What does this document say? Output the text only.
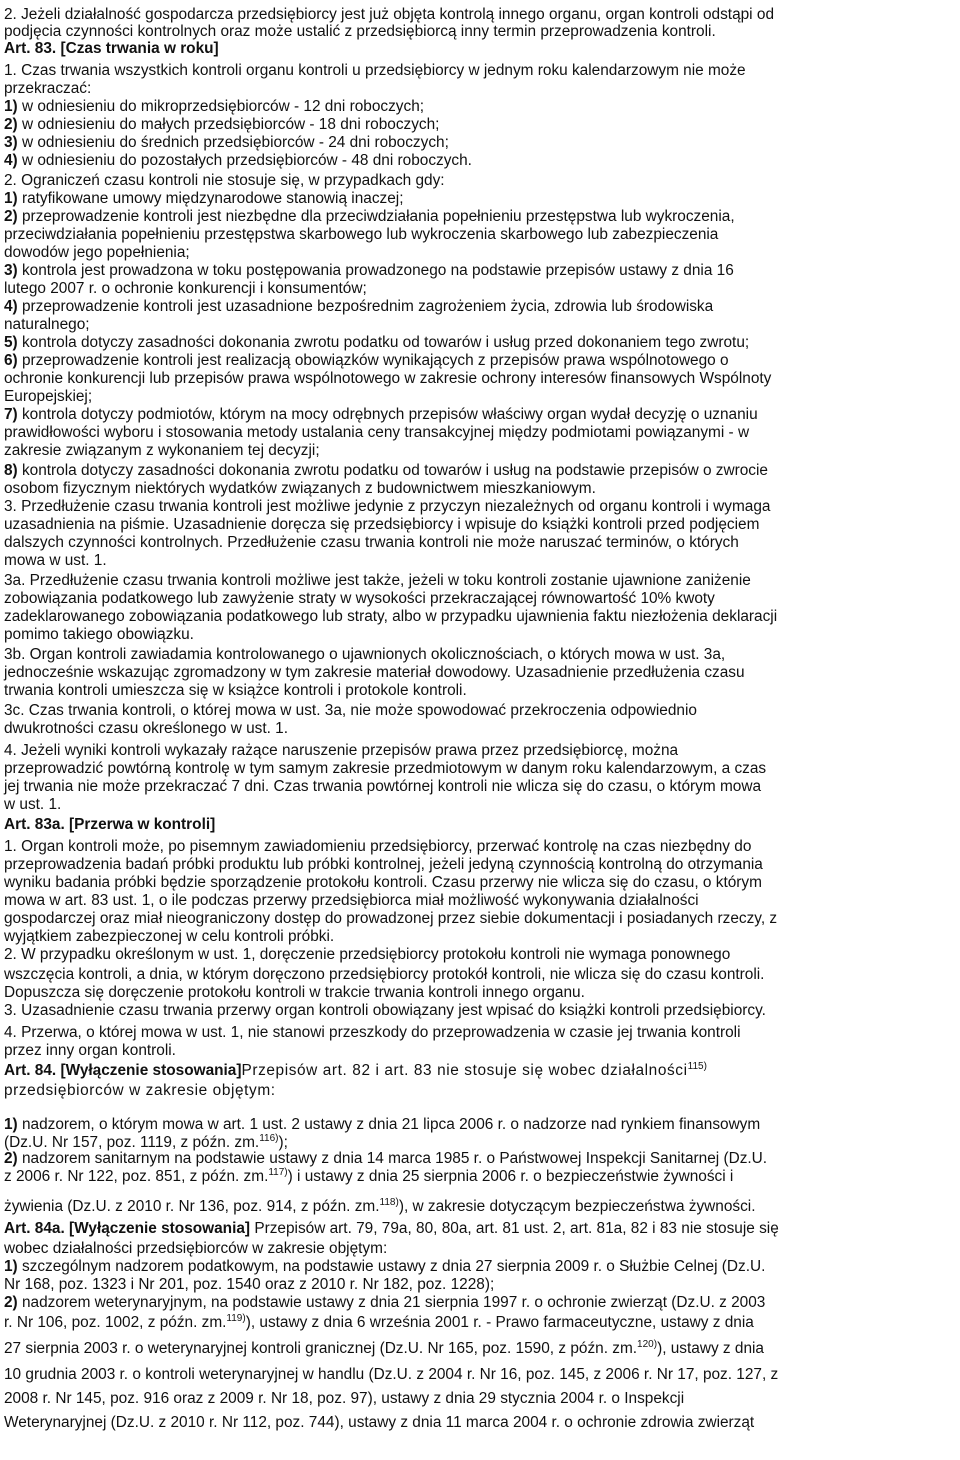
2. Jeżeli działalność gospodarcza przedsiębiorcy jest już objęta kontrolą innego organu, organ kontroli odstąpi od
podjęcia czynności kontrolnych oraz może ustalić z przedsiębiorcą inny termin przeprowadzenia kontroli.
Art. 83. [Czas trwania w roku]
1. Czas trwania wszystkich kontroli organu kontroli u przedsiębiorcy w jednym roku kalendarzowym nie może
przekraczać:
1) w odniesieniu do mikroprzedsiębiorców - 12 dni roboczych;
2) w odniesieniu do małych przedsiębiorców - 18 dni roboczych;
3) w odniesieniu do średnich przedsiębiorców - 24 dni roboczych;
4) w odniesieniu do pozostałych przedsiębiorców - 48 dni roboczych.
2. Ograniczeń czasu kontroli nie stosuje się, w przypadkach gdy:
1) ratyfikowane umowy międzynarodowe stanowią inaczej;
2) przeprowadzenie kontroli jest niezbędne dla przeciwdziałania popełnieniu przestępstwa lub wykroczenia,
przeciwdziałania popełnieniu przestępstwa skarbowego lub wykroczenia skarbowego lub zabezpieczenia
dowodów jego popełnienia;
3) kontrola jest prowadzona w toku postępowania prowadzonego na podstawie przepisów ustawy z dnia 16
lutego 2007 r. o ochronie konkurencji i konsumentów;
4) przeprowadzenie kontroli jest uzasadnione bezpośrednim zagrożeniem życia, zdrowia lub środowiska
naturalnego;
5) kontrola dotyczy zasadności dokonania zwrotu podatku od towarów i usług przed dokonaniem tego zwrotu;
6) przeprowadzenie kontroli jest realizacją obowiązków wynikających z przepisów prawa wspólnotowego o
ochronie konkurencji lub przepisów prawa wspólnotowego w zakresie ochrony interesów finansowych Wspólnoty
Europejskiej;
7) kontrola dotyczy podmiotów, którym na mocy odrębnych przepisów właściwy organ wydał decyzję o uznaniu
prawidłowości wyboru i stosowania metody ustalania ceny transakcyjnej między podmiotami powiązanymi - w
zakresie związanym z wykonaniem tej decyzji;
8) kontrola dotyczy zasadności dokonania zwrotu podatku od towarów i usług na podstawie przepisów o zwrocie
osobom fizycznym niektórych wydatków związanych z budownictwem mieszkaniowym.
3. Przedłużenie czasu trwania kontroli jest możliwe jedynie z przyczyn niezależnych od organu kontroli i wymaga
uzasadnienia na piśmie. Uzasadnienie doręcza się przedsiębiorcy i wpisuje do książki kontroli przed podjęciem
dalszych czynności kontrolnych. Przedłużenie czasu trwania kontroli nie może naruszać terminów, o których
mowa w ust. 1.
3a. Przedłużenie czasu trwania kontroli możliwe jest także, jeżeli w toku kontroli zostanie ujawnione zaniżenie
zobowiązania podatkowego lub zawyżenie straty w wysokości przekraczającej równowartość 10% kwoty
zadeklarowanego zobowiązania podatkowego lub straty, albo w przypadku ujawnienia faktu niezłożenia deklaracji
pomimo takiego obowiązku.
3b. Organ kontroli zawiadamia kontrolowanego o ujawnionych okolicznościach, o których mowa w ust. 3a,
jednocześnie wskazując zgromadzony w tym zakresie materiał dowodowy. Uzasadnienie przedłużenia czasu
trwania kontroli umieszcza się w książce kontroli i protokole kontroli.
3c. Czas trwania kontroli, o której mowa w ust. 3a, nie może spowodować przekroczenia odpowiednio
dwukrotności czasu określonego w ust. 1.
4. Jeżeli wyniki kontroli wykazały rażące naruszenie przepisów prawa przez przedsiębiorcę, można
przeprowadzić powtórną kontrolę w tym samym zakresie przedmiotowym w danym roku kalendarzowym, a czas
jej trwania nie może przekraczać 7 dni. Czas trwania powtórnej kontroli nie wlicza się do czasu, o którym mowa
w ust. 1.
Art. 83a. [Przerwa w kontroli]
1. Organ kontroli może, po pisemnym zawiadomieniu przedsiębiorcy, przerwać kontrolę na czas niezbędny do
przeprowadzenia badań próbki produktu lub próbki kontrolnej, jeżeli jedyną czynnością kontrolną do otrzymania
wyniku badania próbki będzie sporządzenie protokołu kontroli. Czasu przerwy nie wlicza się do czasu, o którym
mowa w art. 83 ust. 1, o ile podczas przerwy przedsiębiorca miał możliwość wykonywania działalności
gospodarczej oraz miał nieograniczony dostęp do prowadzonej przez siebie dokumentacji i posiadanych rzeczy, z
wyjątkiem zabezpieczonej w celu kontroli próbki.
2. W przypadku określonym w ust. 1, doręczenie przedsiębiorcy protokołu kontroli nie wymaga ponownego
wszczęcia kontroli, a dnia, w którym doręczono przedsiębiorcy protokół kontroli, nie wlicza się do czasu kontroli.
Dopuszcza się doręczenie protokołu kontroli w trakcie trwania kontroli innego organu.
3. Uzasadnienie czasu trwania przerwy organ kontroli obowiązany jest wpisać do książki kontroli przedsiębiorcy.
4. Przerwa, o której mowa w ust. 1, nie stanowi przeszkody do przeprowadzenia w czasie jej trwania kontroli
przez inny organ kontroli.
Art. 84. [Wyłączenie stosowania]Przepisów art. 82 i art. 83 nie stosuje się wobec działalności$^{115)}$
przedsiębiorców w zakresie objętym:
1) nadzorem, o którym mowa w art. 1 ust. 2 ustawy z dnia 21 lipca 2006 r. o nadzorze nad rynkiem finansowym
(Dz.U. Nr 157, poz. 1119, z późn. zm.$^{116)}$);
2) nadzorem sanitarnym na podstawie ustawy z dnia 14 marca 1985 r. o Państwowej Inspekcji Sanitarnej (Dz.U.
z 2006 r. Nr 122, poz. 851, z późn. zm.$^{117)}$) i ustawy z dnia 25 sierpnia 2006 r. o bezpieczeństwie żywności i
żywienia (Dz.U. z 2010 r. Nr 136, poz. 914, z późn. zm.$^{118)}$), w zakresie dotyczącym bezpieczeństwa żywności.
Art. 84a. [Wyłączenie stosowania] Przepisów art. 79, 79a, 80, 80a, art. 81 ust. 2, art. 81a, 82 i 83 nie stosuje się
wobec działalności przedsiębiorców w zakresie objętym:
1) szczególnym nadzorem podatkowym, na podstawie ustawy z dnia 27 sierpnia 2009 r. o Służbie Celnej (Dz.U.
Nr 168, poz. 1323 i Nr 201, poz. 1540 oraz z 2010 r. Nr 182, poz. 1228);
2) nadzorem weterynaryjnym, na podstawie ustawy z dnia 21 sierpnia 1997 r. o ochronie zwierząt (Dz.U. z 2003
r. Nr 106, poz. 1002, z późn. zm.$^{119)}$), ustawy z dnia 6 września 2001 r. - Prawo farmaceutyczne, ustawy z dnia
27 sierpnia 2003 r. o weterynaryjnej kontroli granicznej (Dz.U. Nr 165, poz. 1590, z późn. zm.$^{120)}$), ustawy z dnia
10 grudnia 2003 r. o kontroli weterynaryjnej w handlu (Dz.U. z 2004 r. Nr 16, poz. 145, z 2006 r. Nr 17, poz. 127, z
2008 r. Nr 145, poz. 916 oraz z 2009 r. Nr 18, poz. 97), ustawy z dnia 29 stycznia 2004 r. o Inspekcji
Weterynaryjnej (Dz.U. z 2010 r. Nr 112, poz. 744), ustawy z dnia 11 marca 2004 r. o ochronie zdrowia zwierząt
